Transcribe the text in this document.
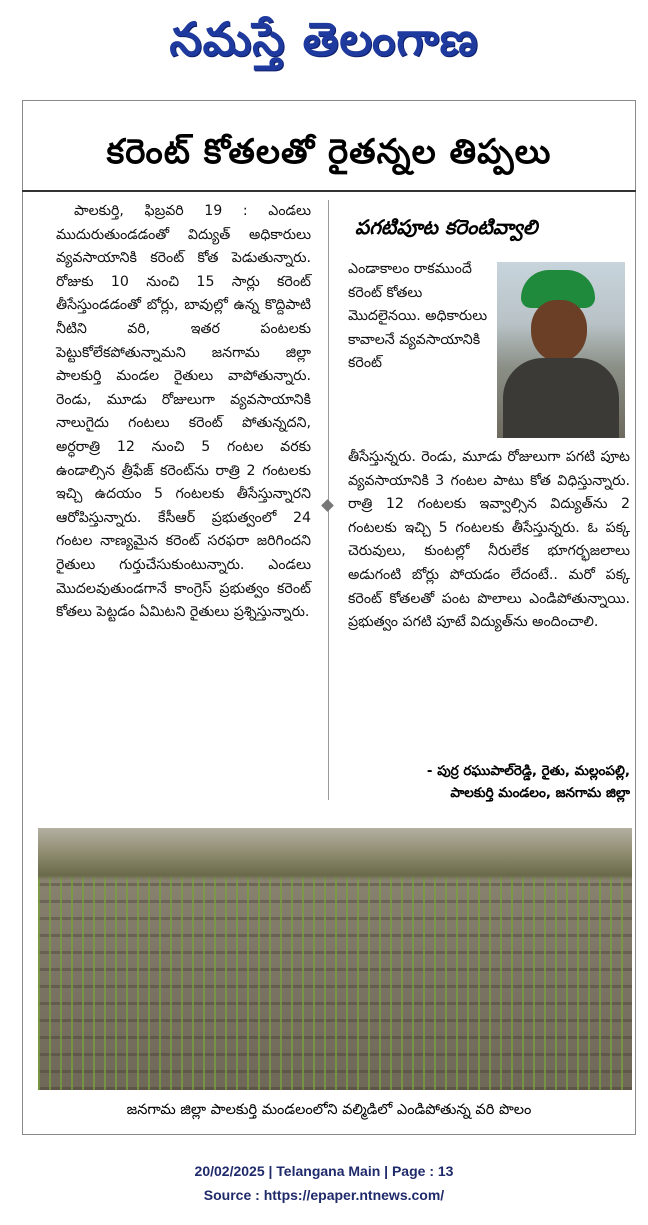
నమస్తే తెలంగాణ
కరెంట్ కోతలతో రైతన్నల తిప్పలు

పాలకుర్తి, ఫిబ్రవరి 19 : ఎండలు ముదురుతుండడంతో విద్యుత్ అధికారులు వ్యవసాయానికి కరెంట్ కోత పెడుతున్నారు. రోజుకు 10 నుంచి 15 సార్లు కరెంట్ తీసేస్తుండడంతో బోర్లు, బావుల్లో ఉన్న కొద్దిపాటి నీటిని వరి, ఇతర పంటలకు పెట్టుకోలేకపోతున్నామని జనగామ జిల్లా పాలకుర్తి మండల రైతులు వాపోతున్నారు. రెండు, మూడు రోజులుగా వ్యవసాయానికి నాలుగైదు గంటలు కరెంట్ పోతున్నదని, అర్ధరాత్రి 12 నుంచి 5 గంటల వరకు ఉండాల్సిన త్రీఫేజ్ కరెంట్‌ను రాత్రి 2 గంటలకు ఇచ్చి ఉదయం 5 గంటలకు తీసేస్తున్నారని ఆరోపిస్తున్నారు. కేసీఆర్ ప్రభుత్వంలో 24 గంటల నాణ్యమైన కరెంట్ సరఫరా జరిగిందని రైతులు గుర్తుచేసుకుంటున్నారు. ఎండలు మొదలవుతుండగానే కాంగ్రెస్ ప్రభుత్వం కరెంట్ కోతలు పెట్టడం ఏమిటని రైతులు ప్రశ్నిస్తున్నారు.

పగటిపూట కరెంటివ్వాలి

ఎండాకాలం రాకముందే కరెంట్ కోతలు మొదలైనయి. అధికారులు కావాలనే వ్యవసాయానికి కరెంట్

తీసేస్తున్నరు. రెండు, మూడు రోజులుగా పగటి పూట వ్యవసాయానికి 3 గంటల పాటు కోత విధిస్తున్నారు. రాత్రి 12 గంటలకు ఇవ్వాల్సిన విద్యుత్‌ను 2 గంటలకు ఇచ్చి 5 గంటలకు తీసేస్తున్నరు. ఓ పక్క చెరువులు, కుంటల్లో నీరులేక భూగర్భజలాలు అడుగంటి బోర్లు పోయడం లేదంటే.. మరో పక్క కరెంట్ కోతలతో పంట పొలాలు ఎండిపోతున్నాయి. ప్రభుత్వం పగటి పూటే విద్యుత్‌ను అందించాలి.

- పుర్ర రఘుపాల్‌రెడ్డి, రైతు, మల్లంపల్లి,
పాలకుర్తి మండలం, జనగామ జిల్లా
జనగామ జిల్లా పాలకుర్తి మండలంలోని వల్మిడిలో ఎండిపోతున్న వరి పొలం
20/02/2025 | Telangana Main | Page : 13
Source : https://epaper.ntnews.com/
